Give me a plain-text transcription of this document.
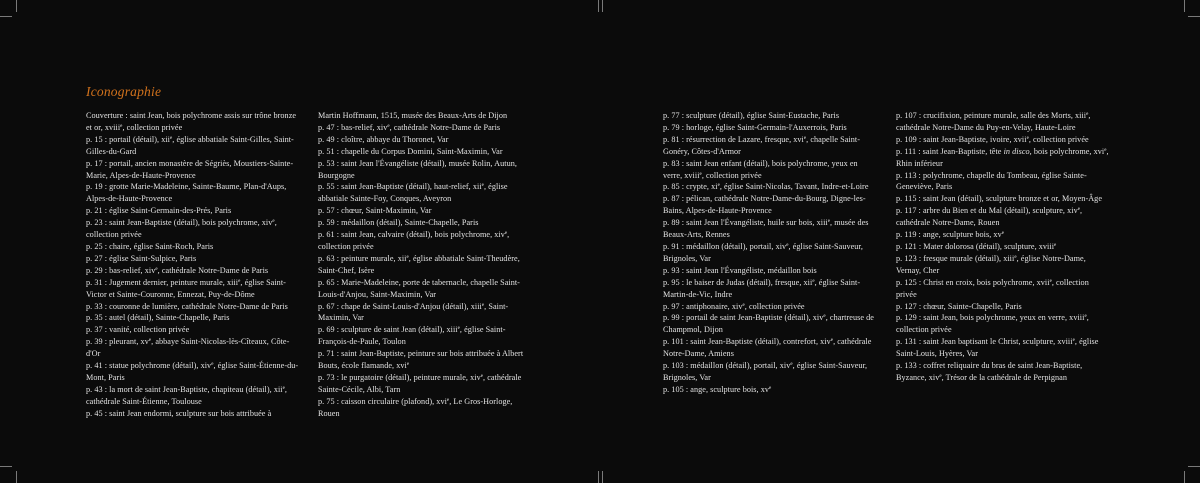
Iconographie
Couverture : saint Jean, bois polychrome assis sur trône bronze et or, xviii$^e$, collection privée
p. 15 : portail (détail), xii$^e$, église abbatiale Saint-Gilles, Saint-Gilles-du-Gard
p. 17 : portail, ancien monastère de Ségriès, Moustiers-Sainte-Marie, Alpes-de-Haute-Provence
p. 19 : grotte Marie-Madeleine, Sainte-Baume, Plan-d'Aups, Alpes-de-Haute-Provence
p. 21 : église Saint-Germain-des-Prés, Paris
p. 23 : saint Jean-Baptiste (détail), bois polychrome, xiv$^e$, collection privée
p. 25 : chaire, église Saint-Roch, Paris
p. 27 : église Saint-Sulpice, Paris
p. 29 : bas-relief, xiv$^e$, cathédrale Notre-Dame de Paris
p. 31 : Jugement dernier, peinture murale, xiii$^e$, église Saint-Victor et Sainte-Couronne, Ennezat, Puy-de-Dôme
p. 33 : couronne de lumière, cathédrale Notre-Dame de Paris
p. 35 : autel (détail), Sainte-Chapelle, Paris
p. 37 : vanité, collection privée
p. 39 : pleurant, $xv^e$, abbaye Saint-Nicolas-lès-Cîteaux, Côte-d'Or
p. 41 : statue polychrome (détail), xiv$^e$, église Saint-Étienne-du-Mont, Paris
p. 43 : la mort de saint Jean-Baptiste, chapiteau (détail), xii$^e$, cathédrale Saint-Étienne, Toulouse
p. 45 : saint Jean endormi, sculpture sur bois attribuée à
Martin Hoffmann, 1515, musée des Beaux-Arts de Dijon
p. 47 : bas-relief, xiv$^e$, cathédrale Notre-Dame de Paris
p. 49 : cloître, abbaye du Thoronet, Var
p. 51 : chapelle du Corpus Domini, Saint-Maximin, Var
p. 53 : saint Jean l'Évangéliste (détail), musée Rolin, Autun, Bourgogne
p. 55 : saint Jean-Baptiste (détail), haut-relief, xii$^e$, église abbatiale Sainte-Foy, Conques, Aveyron
p. 57 : chœur, Saint-Maximin, Var
p. 59 : médaillon (détail), Sainte-Chapelle, Paris
p. 61 : saint Jean, calvaire (détail), bois polychrome, xiv$^e$, collection privée
p. 63 : peinture murale, xii$^e$, église abbatiale Saint-Theudère, Saint-Chef, Isère
p. 65 : Marie-Madeleine, porte de tabernacle, chapelle Saint-Louis-d'Anjou, Saint-Maximin, Var
p. 67 : chape de Saint-Louis-d'Anjou (détail), xiii$^e$, Saint-Maximin, Var
p. 69 : sculpture de saint Jean (détail), xiii$^e$, église Saint-François-de-Paule, Toulon
p. 71 : saint Jean-Baptiste, peinture sur bois attribuée à Albert Bouts, école flamande, xvi$^e$
p. 73 : le purgatoire (détail), peinture murale, xiv$^e$, cathédrale Sainte-Cécile, Albi, Tarn
p. 75 : caisson circulaire (plafond), xvi$^e$, Le Gros-Horloge, Rouen
p. 77 : sculpture (détail), église Saint-Eustache, Paris
p. 79 : horloge, église Saint-Germain-l'Auxerrois, Paris
p. 81 : résurrection de Lazare, fresque, xvi$^e$, chapelle Saint-Gonéry, Côtes-d'Armor
p. 83 : saint Jean enfant (détail), bois polychrome, yeux en verre, xviii$^e$, collection privée
p. 85 : crypte, $xi^e$, église Saint-Nicolas, Tavant, Indre-et-Loire
p. 87 : pélican, cathédrale Notre-Dame-du-Bourg, Digne-les-Bains, Alpes-de-Haute-Provence
p. 89 : saint Jean l'Évangéliste, huile sur bois, xiii$^e$, musée des Beaux-Arts, Rennes
p. 91 : médaillon (détail), portail, xiv$^e$, église Saint-Sauveur, Brignoles, Var
p. 93 : saint Jean l'Évangéliste, médaillon bois
p. 95 : le baiser de Judas (détail), fresque, xii$^e$, église Saint-Martin-de-Vic, Indre
p. 97 : antiphonaire, xiv$^e$, collection privée
p. 99 : portail de saint Jean-Baptiste (détail), xiv$^e$, chartreuse de Champmol, Dijon
p. 101 : saint Jean-Baptiste (détail), contrefort, xiv$^e$, cathédrale Notre-Dame, Amiens
p. 103 : médaillon (détail), portail, xiv$^e$, église Saint-Sauveur, Brignoles, Var
p. 105 : ange, sculpture bois, $xv^e$
p. 107 : crucifixion, peinture murale, salle des Morts, xiii$^e$, cathédrale Notre-Dame du Puy-en-Velay, Haute-Loire
p. 109 : saint Jean-Baptiste, ivoire, xvii$^e$, collection privée
p. 111 : saint Jean-Baptiste, tête in disco, bois polychrome, xvi$^e$, Rhin inférieur
p. 113 : polychrome, chapelle du Tombeau, église Sainte-Geneviève, Paris
p. 115 : saint Jean (détail), sculpture bronze et or, Moyen-Âge
p. 117 : arbre du Bien et du Mal (détail), sculpture, xiv$^e$, cathédrale Notre-Dame, Rouen
p. 119 : ange, sculpture bois, $xv^e$
p. 121 : Mater dolorosa (détail), sculpture, xviii$^e$
p. 123 : fresque murale (détail), xiii$^e$, église Notre-Dame, Vernay, Cher
p. 125 : Christ en croix, bois polychrome, xvii$^e$, collection privée
p. 127 : chœur, Sainte-Chapelle, Paris
p. 129 : saint Jean, bois polychrome, yeux en verre, xviii$^e$, collection privée
p. 131 : saint Jean baptisant le Christ, sculpture, xviii$^e$, église Saint-Louis, Hyères, Var
p. 133 : coffret reliquaire du bras de saint Jean-Baptiste, Byzance, xiv$^e$, Trésor de la cathédrale de Perpignan
